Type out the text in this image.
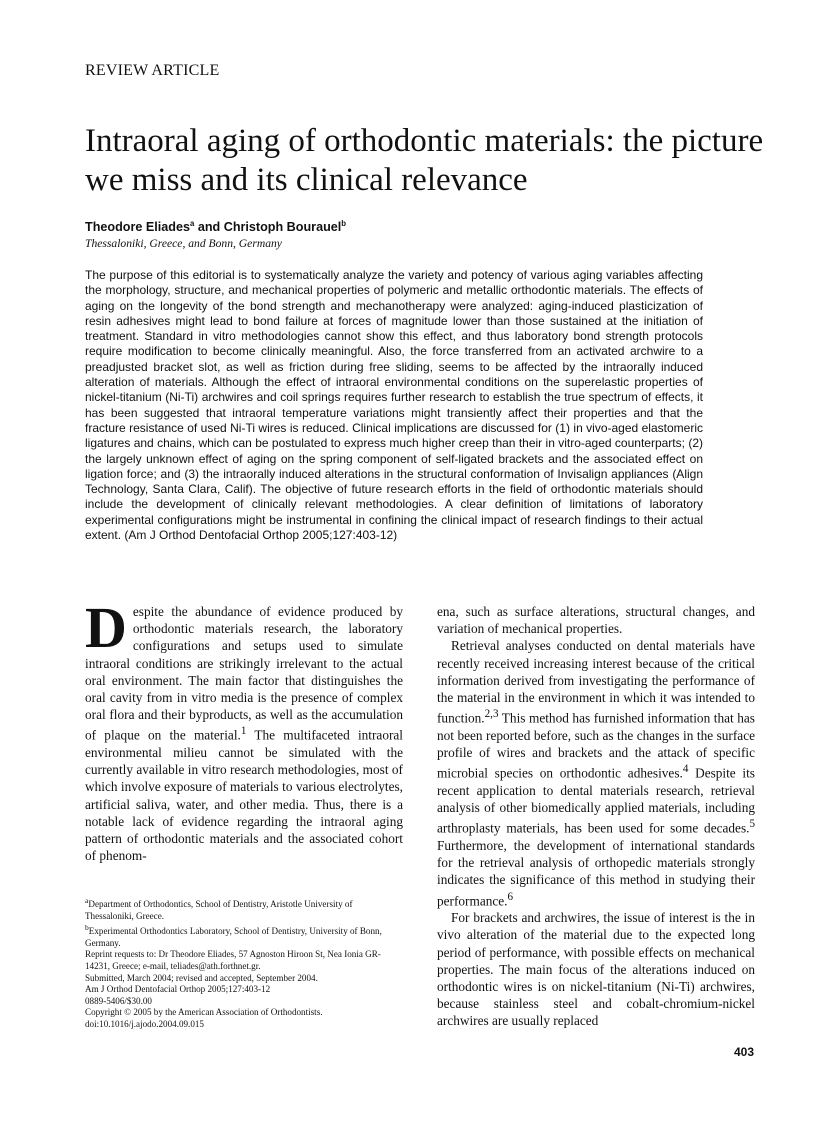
REVIEW ARTICLE
Intraoral aging of orthodontic materials: the picture we miss and its clinical relevance
Theodore Eliades$^a$ and Christoph Bourauel$^b$
Thessaloniki, Greece, and Bonn, Germany

The purpose of this editorial is to systematically analyze the variety and potency of various aging variables affecting the morphology, structure, and mechanical properties of polymeric and metallic orthodontic materials. The effects of aging on the longevity of the bond strength and mechanotherapy were analyzed: aging-induced plasticization of resin adhesives might lead to bond failure at forces of magnitude lower than those sustained at the initiation of treatment. Standard in vitro methodologies cannot show this effect, and thus laboratory bond strength protocols require modification to become clinically meaningful. Also, the force transferred from an activated archwire to a preadjusted bracket slot, as well as friction during free sliding, seems to be affected by the intraorally induced alteration of materials. Although the effect of intraoral environmental conditions on the superelastic properties of nickel-titanium (Ni-Ti) archwires and coil springs requires further research to establish the true spectrum of effects, it has been suggested that intraoral temperature variations might transiently affect their properties and that the fracture resistance of used Ni-Ti wires is reduced. Clinical implications are discussed for (1) in vivo-aged elastomeric ligatures and chains, which can be postulated to express much higher creep than their in vitro-aged counterparts; (2) the largely unknown effect of aging on the spring component of self-ligated brackets and the associated effect on ligation force; and (3) the intraorally induced alterations in the structural conformation of Invisalign appliances (Align Technology, Santa Clara, Calif). The objective of future research efforts in the field of orthodontic materials should include the development of clinically relevant methodologies. A clear definition of limitations of laboratory experimental configurations might be instrumental in confining the clinical impact of research findings to their actual extent. (Am J Orthod Dentofacial Orthop 2005;127:403-12)

Despite the abundance of evidence produced by orthodontic materials research, the laboratory configurations and setups used to simulate intraoral conditions are strikingly irrelevant to the actual oral environment. The main factor that distinguishes the oral cavity from in vitro media is the presence of complex oral flora and their byproducts, as well as the accumulation of plaque on the material.$^1$ The multifaceted intraoral environmental milieu cannot be simulated with the currently available in vitro research methodologies, most of which involve exposure of materials to various electrolytes, artificial saliva, water, and other media. Thus, there is a notable lack of evidence regarding the intraoral aging pattern of orthodontic materials and the associated cohort of phenom-

$^a$Department of Orthodontics, School of Dentistry, Aristotle University of Thessaloniki, Greece.
$^b$Experimental Orthodontics Laboratory, School of Dentistry, University of Bonn, Germany.
Reprint requests to: Dr Theodore Eliades, 57 Agnoston Hiroon St, Nea Ionia GR-14231, Greece; e-mail, teliades@ath.forthnet.gr.
Submitted, March 2004; revised and accepted, September 2004.
Am J Orthod Dentofacial Orthop 2005;127:403-12
0889-5406/$30.00
Copyright © 2005 by the American Association of Orthodontists.
doi:10.1016/j.ajodo.2004.09.015

ena, such as surface alterations, structural changes, and variation of mechanical properties.

Retrieval analyses conducted on dental materials have recently received increasing interest because of the critical information derived from investigating the performance of the material in the environment in which it was intended to function.$^{2,3}$ This method has furnished information that has not been reported before, such as the changes in the surface profile of wires and brackets and the attack of specific microbial species on orthodontic adhesives.$^4$ Despite its recent application to dental materials research, retrieval analysis of other biomedically applied materials, including arthroplasty materials, has been used for some decades.$^5$ Furthermore, the development of international standards for the retrieval analysis of orthopedic materials strongly indicates the significance of this method in studying their performance.$^6$

For brackets and archwires, the issue of interest is the in vivo alteration of the material due to the expected long period of performance, with possible effects on mechanical properties. The main focus of the alterations induced on orthodontic wires is on nickel-titanium (Ni-Ti) archwires, because stainless steel and cobalt-chromium-nickel archwires are usually replaced

403
